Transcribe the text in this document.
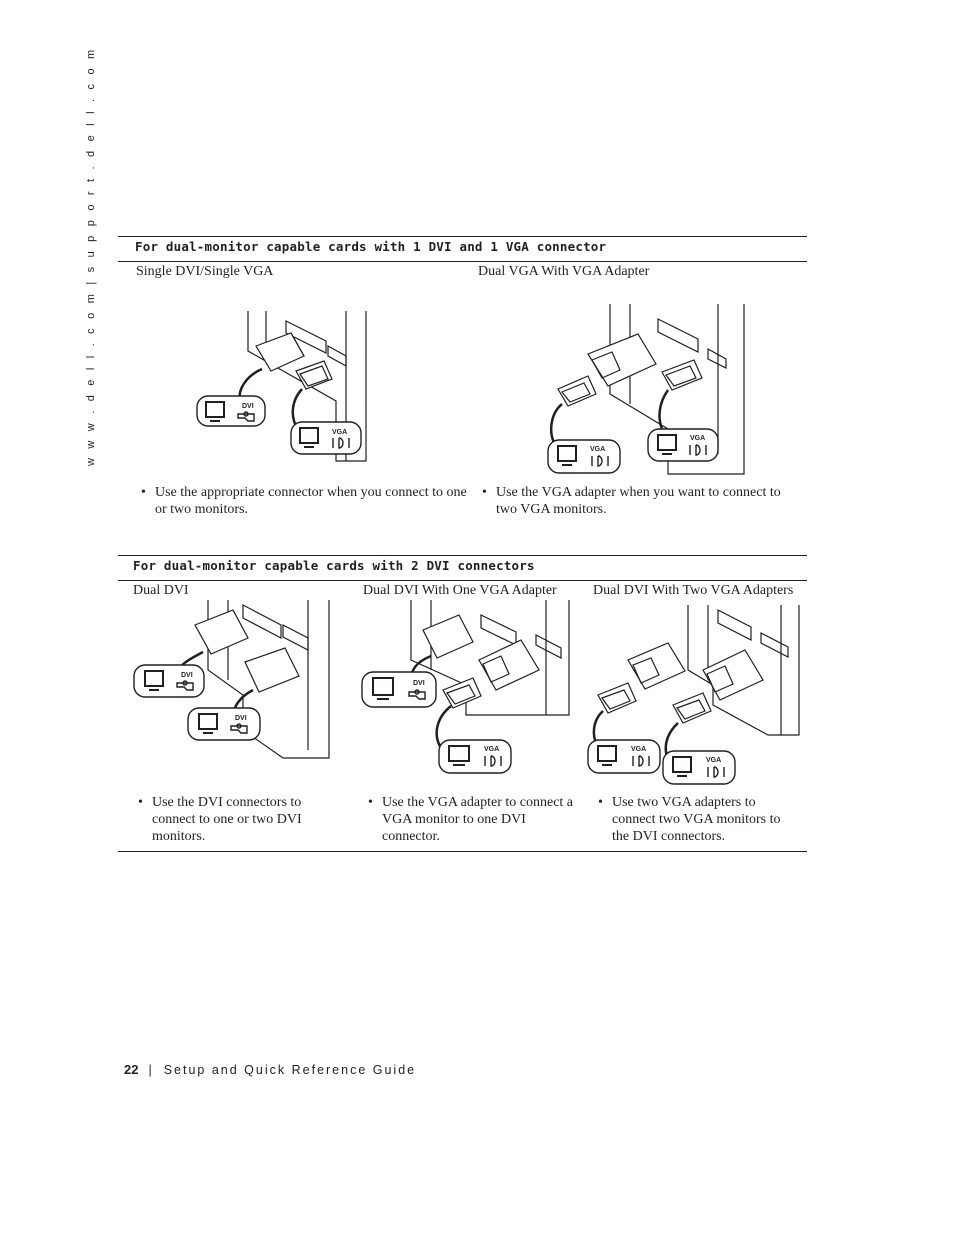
w w w . d e l l . c o m | s u p p o r t . d e l l . c o m	For dual-monitor capable cards with 1 DVI and 1 VGA connector
Single DVI/Single VGA	Dual VGA With VGA Adapter
DVI
VGA
VGA
VGA
• Use the appropriate connector when you connect to one or two monitors.
• Use the VGA adapter when you want to connect to two VGA monitors.
For dual-monitor capable cards with 2 DVI connectors
Dual DVI	Dual DVI With One VGA Adapter	Dual DVI With Two VGA Adapters
DVI
DVI
DVI
VGA	VGA
VGA
• Use the DVI connectors to connect to one or two DVI monitors.
• Use the VGA adapter to connect a VGA monitor to one DVI connector.
• Use two VGA adapters to connect two VGA monitors to the DVI connectors.
22 | Setup and Quick Reference Guide
